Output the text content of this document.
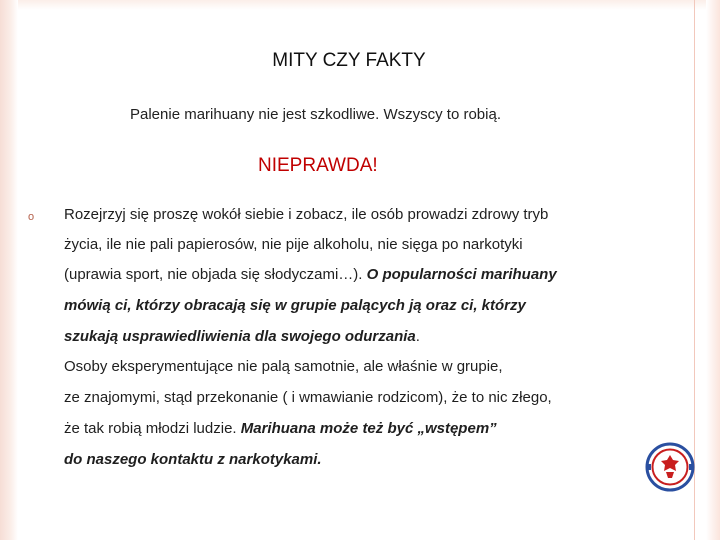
MITY CZY FAKTY
Palenie marihuany nie jest szkodliwe. Wszyscy to robią.
NIEPRAWDA!
o Rozejrzyj się proszę wokół siebie i zobacz, ile osób prowadzi zdrowy tryb
życia, ile nie pali papierosów, nie pije alkoholu, nie sięga po narkotyki
(uprawia sport, nie objada się słodyczami…). O popularności marihuany
mówią ci, którzy obracają się w grupie palących ją oraz ci, którzy
szukają usprawiedliwienia dla swojego odurzania.
Osoby eksperymentujące nie palą samotnie, ale właśnie w grupie,
ze znajomymi, stąd przekonanie ( i wmawianie rodzicom), że to nic złego,
że tak robią młodzi ludzie. Marihuana może też być „wstępem”
do naszego kontaktu z narkotykami.
